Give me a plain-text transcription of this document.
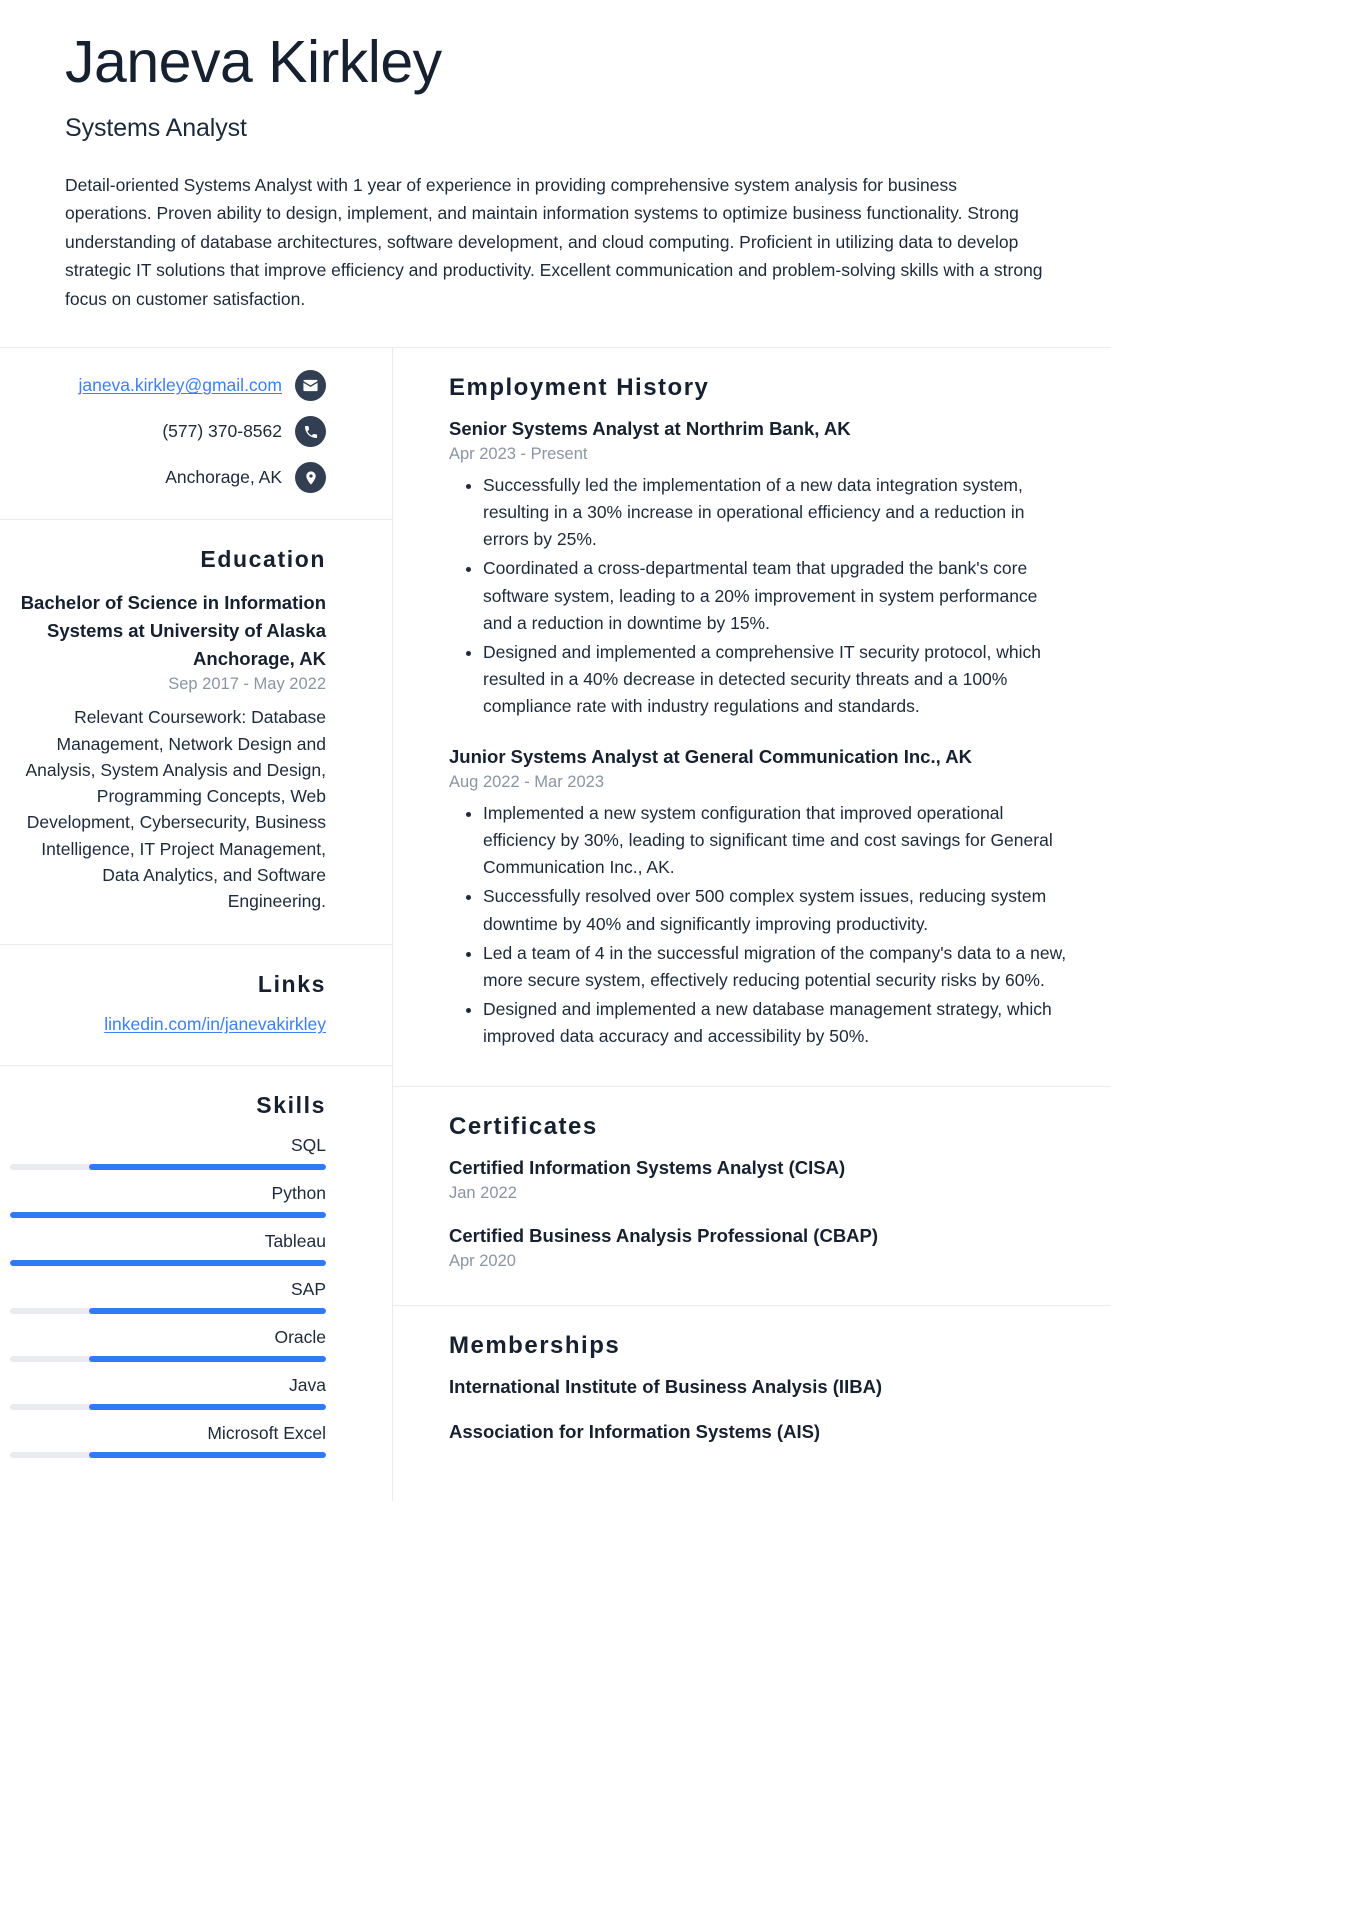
Janeva Kirkley
Systems Analyst

Detail-oriented Systems Analyst with 1 year of experience in providing comprehensive system analysis for business operations. Proven ability to design, implement, and maintain information systems to optimize business functionality. Strong understanding of database architectures, software development, and cloud computing. Proficient in utilizing data to develop strategic IT solutions that improve efficiency and productivity. Excellent communication and problem-solving skills with a strong focus on customer satisfaction.

janeva.kirkley@gmail.com
(577) 370-8562
Anchorage, AK
Education
Bachelor of Science in Information Systems at University of Alaska Anchorage, AK
Sep 2017 - May 2022
Relevant Coursework: Database Management, Network Design and Analysis, System Analysis and Design, Programming Concepts, Web Development, Cybersecurity, Business Intelligence, IT Project Management, Data Analytics, and Software Engineering.
Links
linkedin.com/in/janevakirkley
Skills
SQL
Python
Tableau
SAP
Oracle
Java
Microsoft Excel
Employment History
Senior Systems Analyst at Northrim Bank, AK
Apr 2023 - Present
• Successfully led the implementation of a new data integration system, resulting in a 30% increase in operational efficiency and a reduction in errors by 25%.
• Coordinated a cross-departmental team that upgraded the bank's core software system, leading to a 20% improvement in system performance and a reduction in downtime by 15%.
• Designed and implemented a comprehensive IT security protocol, which resulted in a 40% decrease in detected security threats and a 100% compliance rate with industry regulations and standards.
Junior Systems Analyst at General Communication Inc., AK
Aug 2022 - Mar 2023
• Implemented a new system configuration that improved operational efficiency by 30%, leading to significant time and cost savings for General Communication Inc., AK.
• Successfully resolved over 500 complex system issues, reducing system downtime by 40% and significantly improving productivity.
• Led a team of 4 in the successful migration of the company's data to a new, more secure system, effectively reducing potential security risks by 60%.
• Designed and implemented a new database management strategy, which improved data accuracy and accessibility by 50%.
Certificates
Certified Information Systems Analyst (CISA)
Jan 2022
Certified Business Analysis Professional (CBAP)
Apr 2020
Memberships
International Institute of Business Analysis (IIBA)
Association for Information Systems (AIS)
